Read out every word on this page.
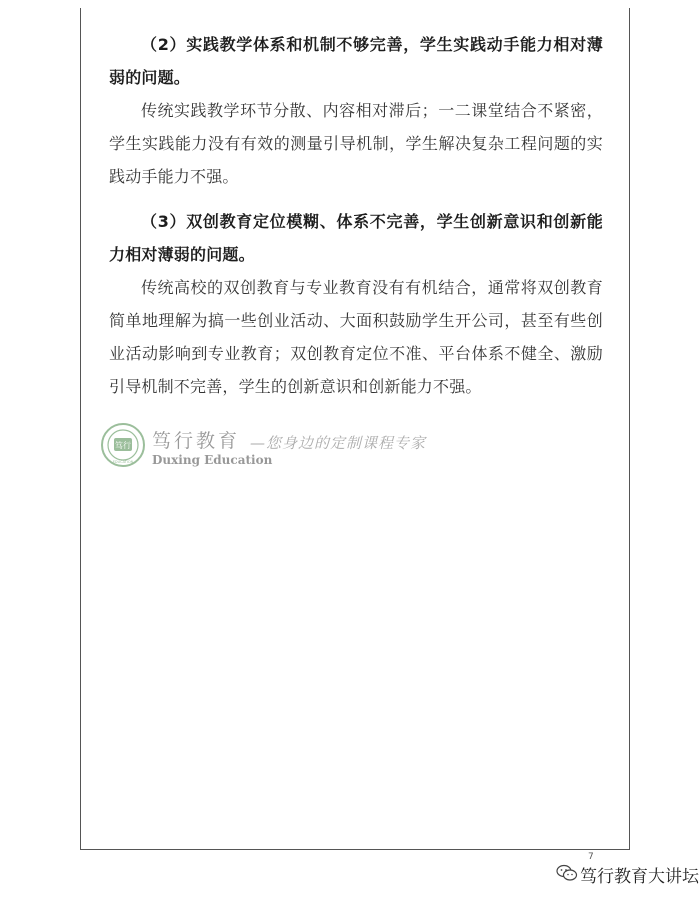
（2）实践教学体系和机制不够完善，学生实践动手能力相对薄弱的问题。

传统实践教学环节分散、内容相对滞后；一二课堂结合不紧密，学生实践能力没有有效的测量引导机制，学生解决复杂工程问题的实践动手能力不强。

（3）双创教育定位模糊、体系不完善，学生创新意识和创新能力相对薄弱的问题。

传统高校的双创教育与专业教育没有有机结合，通常将双创教育简单地理解为搞一些创业活动、大面积鼓励学生开公司，甚至有些创业活动影响到专业教育；双创教育定位不准、平台体系不健全、激励引导机制不完善，学生的创新意识和创新能力不强。

笃行
EDUCATION
笃行教育
Duxing Education
—您身边的定制课程专家
7
笃行教育大讲坛
